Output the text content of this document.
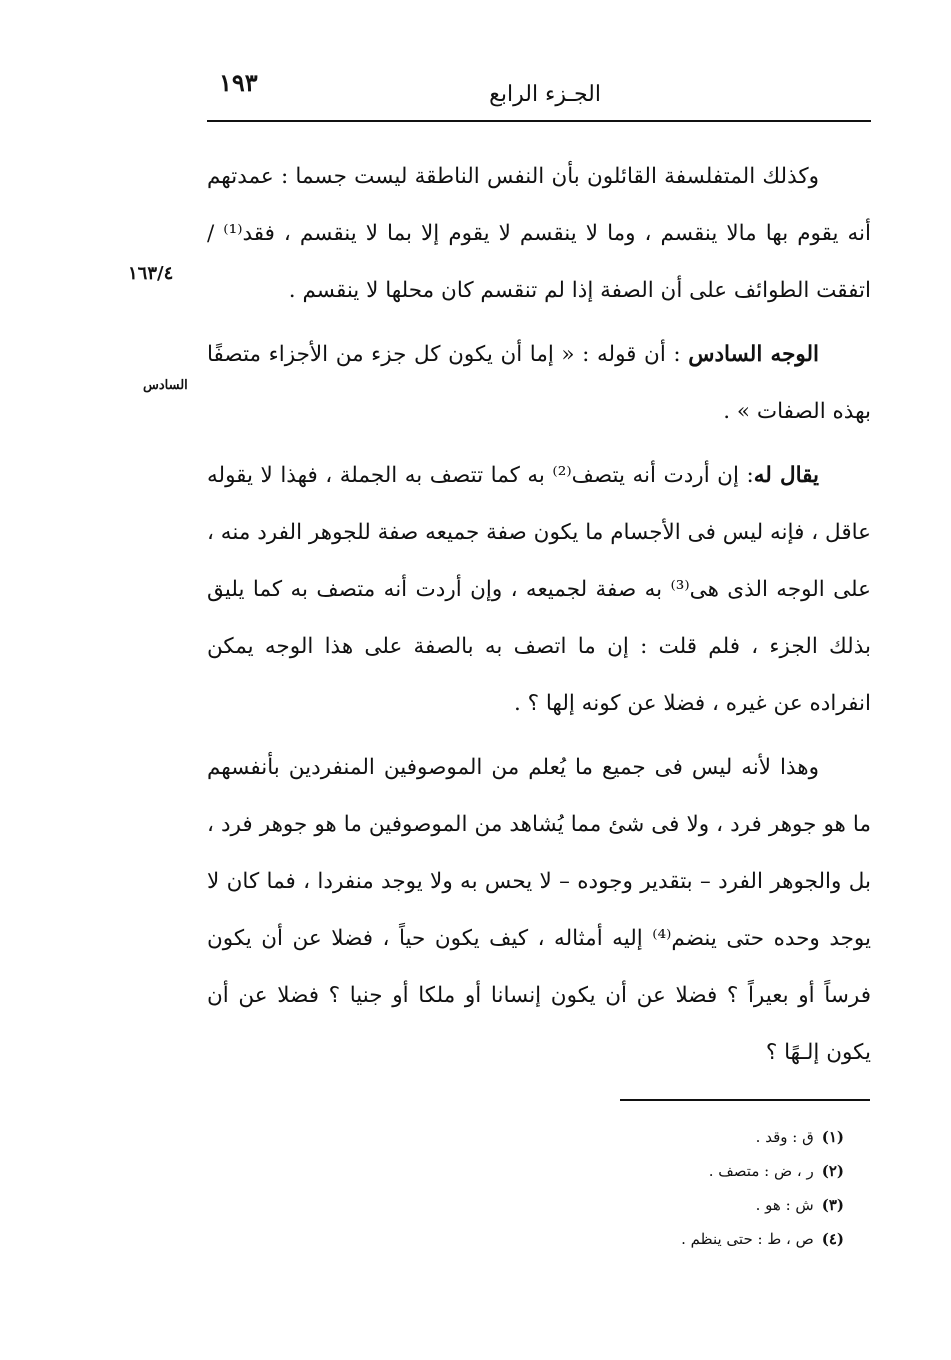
الجـزء الرابع
١٩٣
١٦٣/٤
السادس

وكذلك المتفلسفة القائلون بأن النفس الناطقة ليست جسما : عمدتهم أنه يقوم بها مالا ينقسم ، وما لا ينقسم لا يقوم إلا بما لا ينقسم ، فقد⁽¹⁾ / اتفقت الطوائف على أن الصفة إذا لم تنقسم كان محلها لا ينقسم .

الوجه السادس : أن قوله : « إما أن يكون كل جزء من الأجزاء متصفًا بهذه الصفات » .

يقال له: إن أردت أنه يتصف⁽²⁾ به كما تتصف به الجملة ، فهذا لا يقوله عاقل ، فإنه ليس فى الأجسام ما يكون صفة جميعه صفة للجوهر الفرد منه ، على الوجه الذى هى⁽³⁾ به صفة لجميعه ، وإن أردت أنه متصف به كما يليق بذلك الجزء ، فلم قلت : إن ما اتصف به بالصفة على هذا الوجه يمكن انفراده عن غيره ، فضلا عن كونه إلها ؟ .

وهذا لأنه ليس فى جميع ما يُعلم من الموصوفين المنفردين بأنفسهم ما هو جوهر فرد ، ولا فى شئ مما يُشاهد من الموصوفين ما هو جوهر فرد ، بل والجوهر الفرد – بتقدير وجوده – لا يحس به ولا يوجد منفردا ، فما كان لا يوجد وحده حتى ينضم⁽⁴⁾ إليه أمثاله ، كيف يكون حياً ، فضلا عن أن يكون فرساً أو بعيراً ؟ فضلا عن أن يكون إنسانا أو ملكا أو جنيا ؟ فضلا عن أن يكون إلـهًا ؟

(١)ق : وقد .
(٢)ر ، ض : متصف .
(٣)ش : هو .
(٤)ص ، ط : حتى ينظم .
